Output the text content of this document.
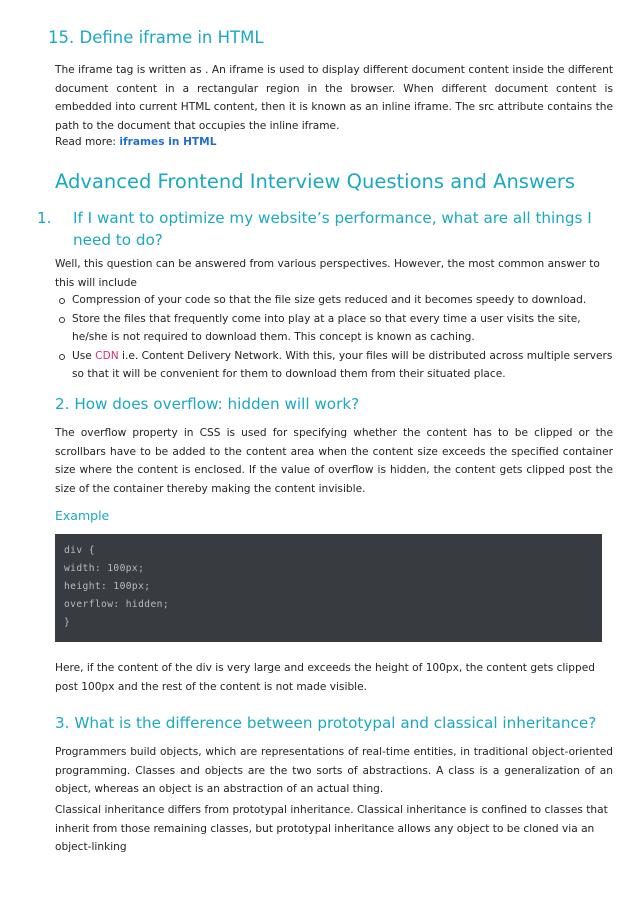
15. Define iframe in HTML

The iframe tag is written as . An iframe is used to display different document content inside the different document content in a rectangular region in the browser. When different document content is embedded into current HTML content, then it is known as an inline iframe. The src attribute contains the path to the document that occupies the inline iframe.

Read more: iframes in HTML

Advanced Frontend Interview Questions and Answers
1. If I want to optimize my website’s performance, what are all things I need to do?

Well, this question can be answered from various perspectives. However, the most common answer to this will include

Compression of your code so that the file size gets reduced and it becomes speedy to download.
Store the files that frequently come into play at a place so that every time a user visits the site, he/she is not required to download them. This concept is known as caching.
Use CDN i.e. Content Delivery Network. With this, your files will be distributed across multiple servers so that it will be convenient for them to download them from their situated place.
2. How does overflow: hidden will work?

The overflow property in CSS is used for specifying whether the content has to be clipped or the scrollbars have to be added to the content area when the content size exceeds the specified container size where the content is enclosed. If the value of overflow is hidden, the content gets clipped post the size of the container thereby making the content invisible.

Example
div {
width: 100px;
height: 100px;
overflow: hidden;
}

Here, if the content of the div is very large and exceeds the height of 100px, the content gets clipped post 100px and the rest of the content is not made visible.

3. What is the difference between prototypal and classical inheritance?

Programmers build objects, which are representations of real-time entities, in traditional object-oriented programming. Classes and objects are the two sorts of abstractions. A class is a generalization of an object, whereas an object is an abstraction of an actual thing.

Classical inheritance differs from prototypal inheritance. Classical inheritance is confined to classes that inherit from those remaining classes, but prototypal inheritance allows any object to be cloned via an object-linking
